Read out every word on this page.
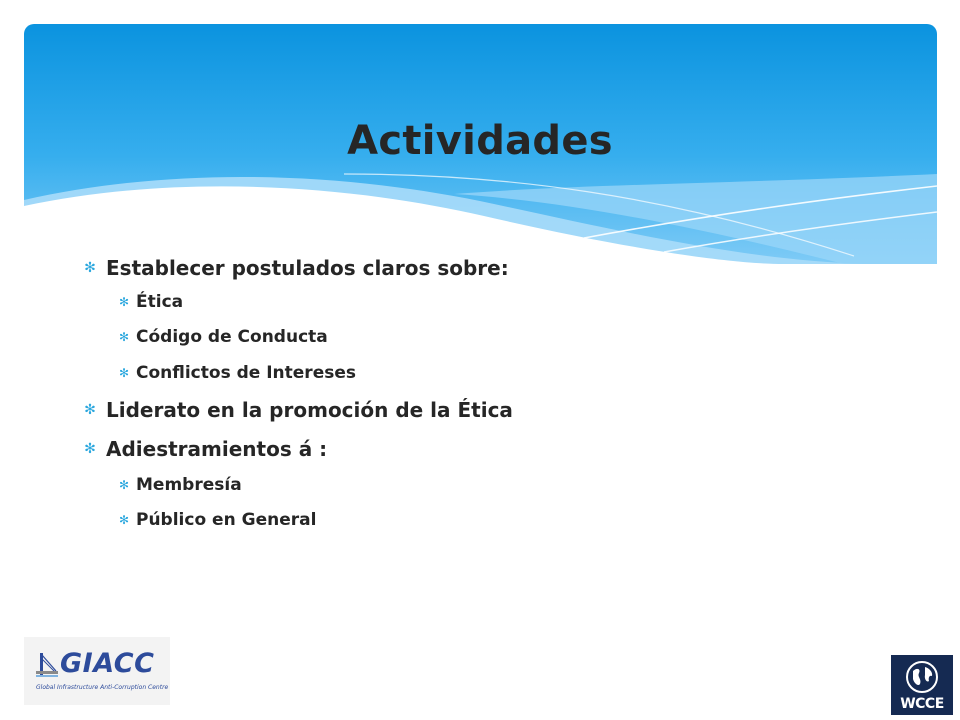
Actividades
✻ Establecer postulados claros sobre:
✻ Ética
✻ Código de Conducta
✻ Conflictos de Intereses
✻ Liderato en la promoción de la Ética
✻ Adiestramientos á :
✻ Membresía
✻ Público en General
GIACC
Global Infrastructure Anti-Corruption Centre
WCCE
